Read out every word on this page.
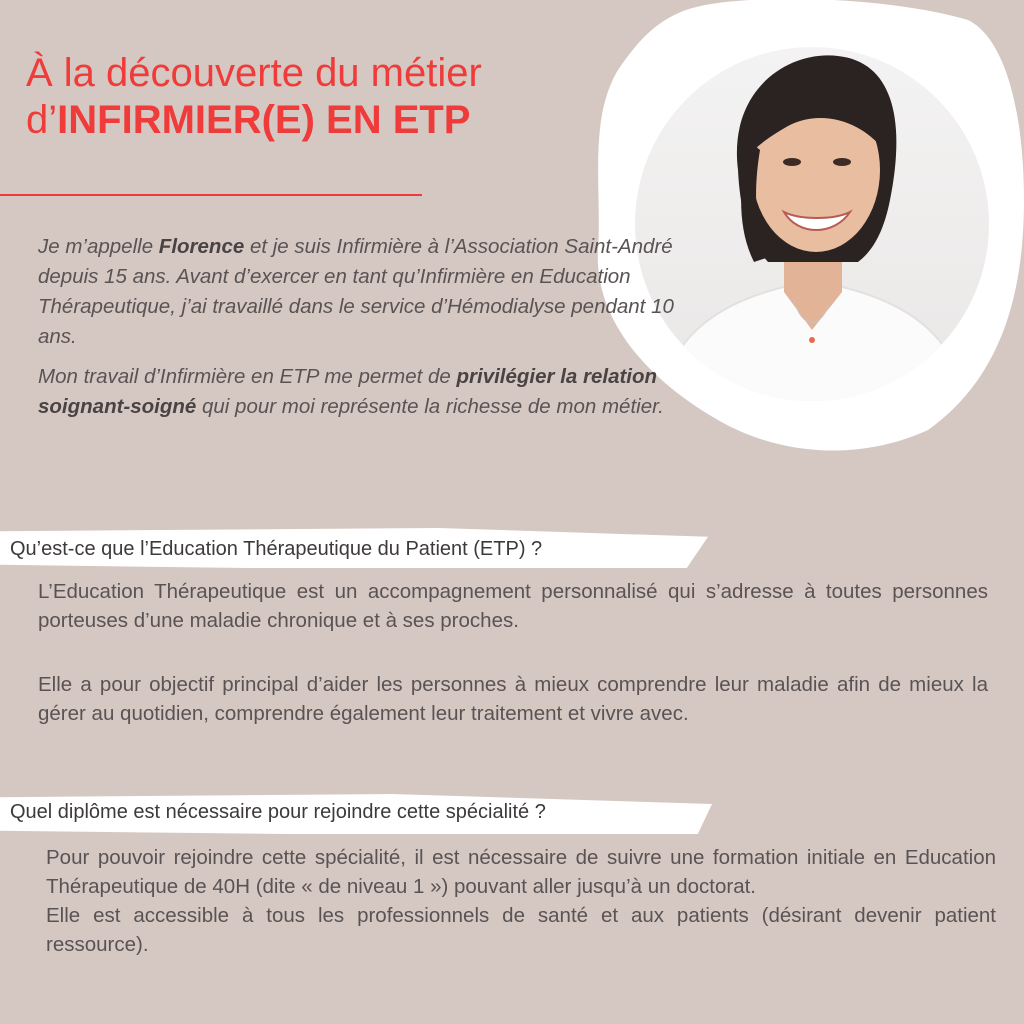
À la découverte du métier
d’INFIRMIER(E) EN ETP

Je m’appelle Florence et je suis Infirmière à l’Association Saint-André depuis 15 ans. Avant d’exercer en tant qu’Infirmière en Education Thérapeutique, j’ai travaillé dans le service d’Hémodialyse pendant 10 ans.

Mon travail d’Infirmière en ETP me permet de privilégier la relation soignant-soigné qui pour moi représente la richesse de mon métier.

Qu’est-ce que l’Education Thérapeutique du Patient (ETP) ?

L’Education Thérapeutique est un accompagnement personnalisé qui s’adresse à toutes personnes porteuses d’une maladie chronique et à ses proches.

Elle a pour objectif principal d’aider les personnes à mieux comprendre leur maladie afin de mieux la gérer au quotidien, comprendre également leur traitement et vivre avec.

Quel diplôme est nécessaire pour rejoindre cette spécialité ?

Pour pouvoir rejoindre cette spécialité, il est nécessaire de suivre une formation initiale en Education Thérapeutique de 40H (dite « de niveau 1 ») pouvant aller jusqu’à un doctorat.
Elle est accessible à tous les professionnels de santé et aux patients (désirant devenir patient ressource).
